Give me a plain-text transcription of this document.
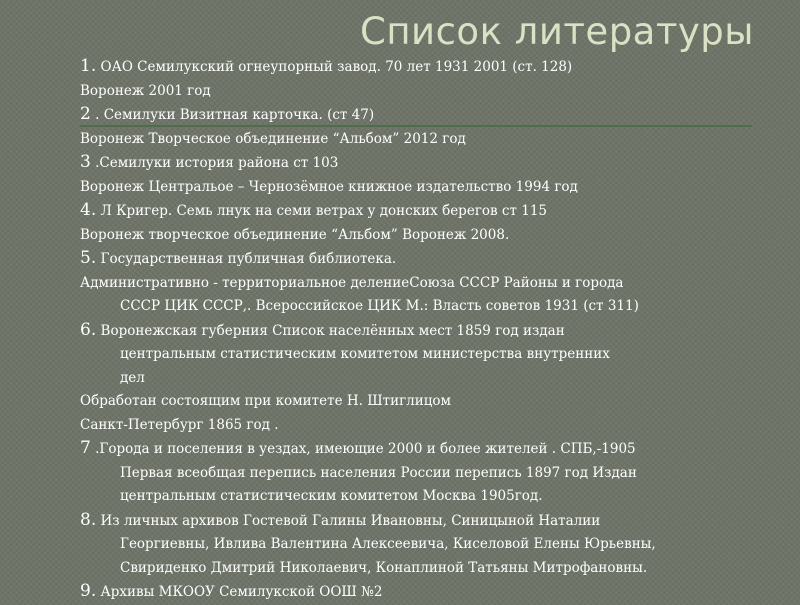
Список литературы
1. ОАО Семилукский огнеупорный завод. 70 лет 1931 2001 (ст. 128)
Воронеж 2001 год
2 . Семилуки Визитная карточка. (ст 47)
Воронеж Творческое объединение “Альбом” 2012 год
3 .Семилуки история района ст 103
Воронеж Центральое – Чернозёмное книжное издательство 1994 год
4. Л Кригер. Семь лнук на семи ветрах у донских берегов ст 115
Воронеж творческое объединение “Альбом” Воронеж 2008.
5. Государственная публичная библиотека.
Административно - территориальное делениеСоюза СССР Районы и города
СССР ЦИК СССР,. Всероссийское ЦИК М.: Власть советов 1931 (ст 311)
6. Воронежская губерния Список населённых мест 1859 год издан
центральным статистическим комитетом министерства внутренних
дел
Обработан состоящим при комитете Н. Штиглицом
Санкт-Петербург 1865 год .
7 .Города и поселения в уездах, имеющие 2000 и более жителей . СПБ,-1905
Первая всеобщая перепись населения России перепись 1897 год Издан
центральным статистическим комитетом Москва 1905год.
8. Из личных архивов Гостевой Галины Ивановны, Синицыной Наталии
Георгиевны, Ивлива Валентина Алексеевича, Киселовой Елены Юрьевны,
Свириденко Дмитрий Николаевич, Конаплиной Татьяны Митрофановны.
9. Архивы МКООУ Семилукской ООШ №2
